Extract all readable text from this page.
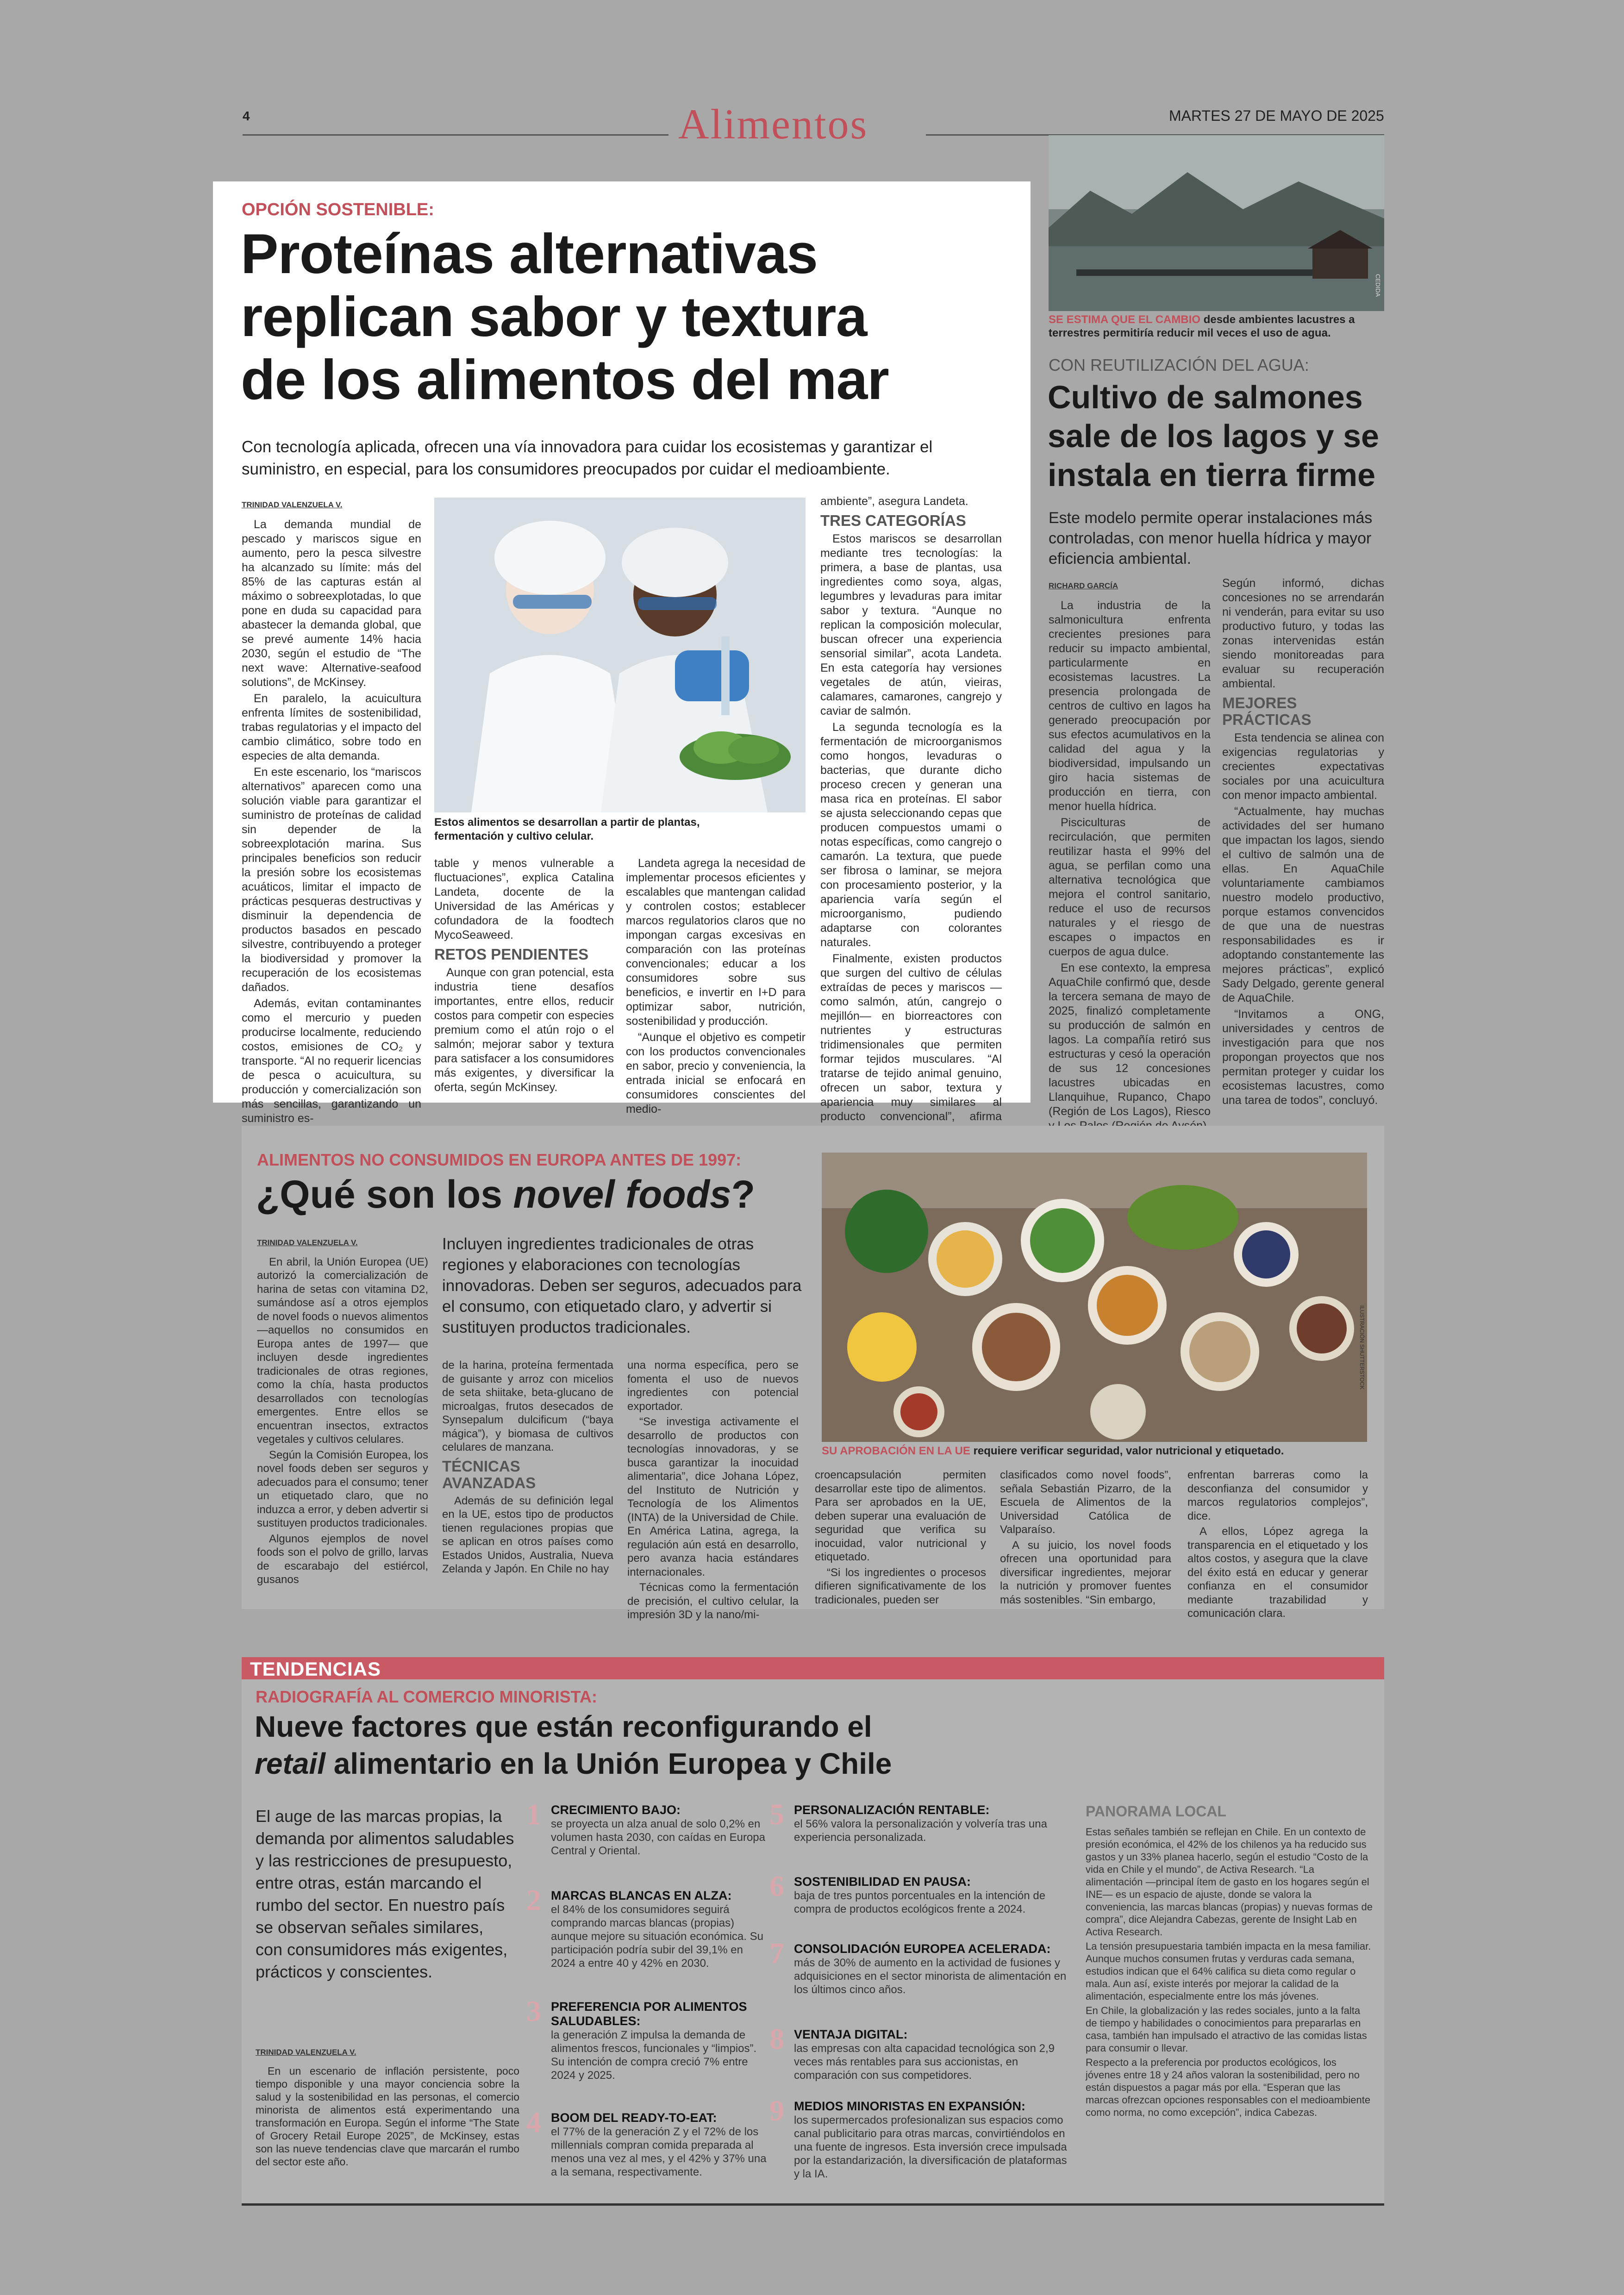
4	Alimentos	MARTES 27 DE MAYO DE 2025
OPCIÓN SOSTENIBLE:
Proteínas alternativas
replican sabor y textura
de los alimentos del mar
Con tecnología aplicada, ofrecen una vía innovadora para cuidar los ecosistemas y garantizar el suministro, en especial, para los consumidores preocupados por cuidar el medioambiente.
TRINIDAD VALENZUELA V.

La demanda mundial de pescado y mariscos sigue en aumento, pero la pesca silvestre ha alcanzado su límite: más del 85% de las capturas están al máximo o sobreexplotadas, lo que pone en duda su capacidad para abastecer la demanda global, que se prevé aumente 14% hacia 2030, según el estudio de “The next wave: Alternative-seafood solutions”, de McKinsey.

En paralelo, la acuicultura enfrenta límites de sostenibilidad, trabas regulatorias y el impacto del cambio climático, sobre todo en especies de alta demanda.

En este escenario, los “mariscos alternativos” aparecen como una solución viable para garantizar el suministro de proteínas de calidad sin depender de la sobreexplotación marina. Sus principales beneficios son reducir la presión sobre los ecosistemas acuáticos, limitar el impacto de prácticas pesqueras destructivas y disminuir la dependencia de productos basados en pescado silvestre, contribuyendo a proteger la biodiversidad y promover la recuperación de los ecosistemas dañados.

Además, evitan contaminantes como el mercurio y pueden producirse localmente, reduciendo costos, emisiones de CO₂ y transporte. “Al no requerir licencias de pesca o acuicultura, su producción y comercialización son más sencillas, garantizando un suministro es-

Estos alimentos se desarrollan a partir de plantas, fermentación y cultivo celular.

table y menos vulnerable a fluctuaciones”, explica Catalina Landeta, docente de la Universidad de las Américas y cofundadora de la foodtech MycoSeaweed.

RETOS PENDIENTES

Aunque con gran potencial, esta industria tiene desafíos importantes, entre ellos, reducir costos para competir con especies premium como el atún rojo o el salmón; mejorar sabor y textura para satisfacer a los consumidores más exigentes, y diversificar la oferta, según McKinsey.

Landeta agrega la necesidad de implementar procesos eficientes y escalables que mantengan calidad y controlen costos; establecer marcos regulatorios claros que no impongan cargas excesivas en comparación con las proteínas convencionales; educar a los consumidores sobre sus beneficios, e invertir en I+D para optimizar sabor, nutrición, sostenibilidad y producción.

“Aunque el objetivo es competir con los productos convencionales en sabor, precio y conveniencia, la entrada inicial se enfocará en consumidores conscientes del medio-

ambiente”, asegura Landeta.

TRES CATEGORÍAS

Estos mariscos se desarrollan mediante tres tecnologías: la primera, a base de plantas, usa ingredientes como soya, algas, legumbres y levaduras para imitar sabor y textura. “Aunque no replican la composición molecular, buscan ofrecer una experiencia sensorial similar”, acota Landeta. En esta categoría hay versiones vegetales de atún, vieiras, calamares, camarones, cangrejo y caviar de salmón.

La segunda tecnología es la fermentación de microorganismos como hongos, levaduras o bacterias, que durante dicho proceso crecen y generan una masa rica en proteínas. El sabor se ajusta seleccionando cepas que producen compuestos umami o notas específicas, como cangrejo o camarón. La textura, que puede ser fibrosa o laminar, se mejora con procesamiento posterior, y la apariencia varía según el microorganismo, pudiendo adaptarse con colorantes naturales.

Finalmente, existen productos que surgen del cultivo de células extraídas de peces y mariscos —como salmón, atún, cangrejo o mejillón— en biorreactores con nutrientes y estructuras tridimensionales que permiten formar tejidos musculares. “Al tratarse de tejido animal genuino, ofrecen un sabor, textura y apariencia muy similares al producto convencional”, afirma

CEDIDA
SE ESTIMA QUE EL CAMBIO desde ambientes lacustres a terrestres permitiría reducir mil veces el uso de agua.
CON REUTILIZACIÓN DEL AGUA:
Cultivo de salmones
sale de los lagos y se
instala en tierra firme
Este modelo permite operar instalaciones más controladas, con menor huella hídrica y mayor eficiencia ambiental.
RICHARD GARCÍA

La industria de la salmonicultura enfrenta crecientes presiones para reducir su impacto ambiental, particularmente en ecosistemas lacustres. La presencia prolongada de centros de cultivo en lagos ha generado preocupación por sus efectos acumulativos en la calidad del agua y la biodiversidad, impulsando un giro hacia sistemas de producción en tierra, con menor huella hídrica.

Pisciculturas de recirculación, que permiten reutilizar hasta el 99% del agua, se perfilan como una alternativa tecnológica que mejora el control sanitario, reduce el uso de recursos naturales y el riesgo de escapes o impactos en cuerpos de agua dulce.

En ese contexto, la empresa AquaChile confirmó que, desde la tercera semana de mayo de 2025, finalizó completamente su producción de salmón en lagos. La compañía retiró sus estructuras y cesó la operación de sus 12 concesiones lacustres ubicadas en Llanquihue, Rupanco, Chapo (Región de Los Lagos), Riesco

Según informó, dichas concesiones no se arrendarán ni venderán, para evitar su uso productivo futuro, y todas las zonas intervenidas están siendo monitoreadas para evaluar su recuperación ambiental.

MEJORES
PRÁCTICAS

Esta tendencia se alinea con exigencias regulatorias y crecientes expectativas sociales por una acuicultura con menor impacto ambiental.

“Actualmente, hay muchas actividades del ser humano que impactan los lagos, siendo el cultivo de salmón una de ellas. En AquaChile voluntariamente cambiamos nuestro modelo productivo, porque estamos convencidos de que una de nuestras responsabilidades es ir adoptando constantemente las mejores prácticas”, explicó Sady Delgado, gerente general de AquaChile.

“Invitamos a ONG, universidades y centros de investigación para que nos propongan proyectos que nos permitan proteger y cuidar los ecosistemas lacustres, como una tarea de todos”, concluyó.

ALIMENTOS NO CONSUMIDOS EN EUROPA ANTES DE 1997:
¿Qué son los novel foods?
TRINIDAD VALENZUELA V.

En abril, la Unión Europea (UE) autorizó la comercialización de harina de setas con vitamina D2, sumándose así a otros ejemplos de novel foods o nuevos alimentos —aquellos no consumidos en Europa antes de 1997— que incluyen desde ingredientes tradicionales de otras regiones, como la chía, hasta productos desarrollados con tecnologías emergentes. Entre ellos se encuentran insectos, extractos vegetales y cultivos celulares.

Según la Comisión Europea, los novel foods deben ser seguros y adecuados para el consumo; tener un etiquetado claro, que no induzca a error, y deben advertir si sustituyen productos tradicionales.

Algunos ejemplos de novel foods son el polvo de grillo, larvas de escarabajo del estiércol, gusanos

Incluyen ingredientes tradicionales de otras regiones y elaboraciones con tecnologías innovadoras. Deben ser seguros, adecuados para el consumo, con etiquetado claro, y advertir si sustituyen productos tradicionales.

de la harina, proteína fermentada de guisante y arroz con micelios de seta shiitake, beta-glucano de microalgas, frutos desecados de Synsepalum dulcificum (“baya mágica”), y biomasa de cultivos celulares de manzana.

TÉCNICAS
AVANZADAS

Además de su definición legal en la UE, estos tipo de productos tienen regulaciones propias que se aplican en otros países como Estados Unidos, Australia, Nueva Zelanda y Japón. En Chile no hay

una norma específica, pero se fomenta el uso de nuevos ingredientes con potencial exportador.

“Se investiga activamente el desarrollo de productos con tecnologías innovadoras, y se busca garantizar la inocuidad alimentaria”, dice Johana López, del Instituto de Nutrición y Tecnología de los Alimentos (INTA) de la Universidad de Chile. En América Latina, agrega, la regulación aún está en desarrollo, pero avanza hacia estándares internacionales.

Técnicas como la fermentación de precisión, el cultivo celular, la impresión 3D y la nano/mi-

ILUSTRACIÓN SHUTTERSTOCK
SU APROBACIÓN EN LA UE requiere verificar seguridad, valor nutricional y etiquetado.

croencapsulación permiten desarrollar este tipo de alimentos. Para ser aprobados en la UE, deben superar una evaluación de seguridad que verifica su inocuidad, valor nutricional y etiquetado.

“Si los ingredientes o procesos difieren significativamente de los tradicionales, pueden ser

clasificados como novel foods”, señala Sebastián Pizarro, de la Escuela de Alimentos de la Universidad Católica de Valparaíso.

A su juicio, los novel foods ofrecen una oportunidad para diversificar ingredientes, mejorar la nutrición y promover fuentes más sostenibles. “Sin embargo,

enfrentan barreras como la desconfianza del consumidor y marcos regulatorios complejos”, dice.

A ellos, López agrega la transparencia en el etiquetado y los altos costos, y asegura que la clave del éxito está en educar y generar confianza en el consumidor mediante trazabilidad y comunicación clara.

TENDENCIAS
RADIOGRAFÍA AL COMERCIO MINORISTA:
Nueve factores que están reconfigurando el
retail alimentario en la Unión Europea y Chile
El auge de las marcas propias, la demanda por alimentos saludables y las restricciones de presupuesto, entre otras, están marcando el rumbo del sector. En nuestro país se observan señales similares, con consumidores más exigentes, prácticos y conscientes.
TRINIDAD VALENZUELA V.

En un escenario de inflación persistente, poco tiempo disponible y una mayor conciencia sobre la salud y la sostenibilidad en las personas, el comercio minorista de alimentos está experimentando una transformación en Europa. Según el informe “The State of Grocery Retail Europe 2025”, de McKinsey, estas son las nueve tendencias clave que marcarán el rumbo del sector este año.

1 CRECIMIENTO BAJO:
se proyecta un alza anual de solo 0,2% en volumen hasta 2030, con caídas en Europa Central y Oriental.
2 MARCAS BLANCAS EN ALZA:
el 84% de los consumidores seguirá comprando marcas blancas (propias) aunque mejore su situación económica. Su participación podría subir del 39,1% en 2024 a entre 40 y 42% en 2030.
3 PREFERENCIA POR ALIMENTOS SALUDABLES:
la generación Z impulsa la demanda de alimentos frescos, funcionales y “limpios”. Su intención de compra creció 7% entre 2024 y 2025.
4 BOOM DEL READY-TO-EAT:
el 77% de la generación Z y el 72% de los millennials compran comida preparada al menos una vez al mes, y el 42% y 37% una a la semana, respectivamente.
5 PERSONALIZACIÓN RENTABLE:
el 56% valora la personalización y volvería tras una experiencia personalizada.
6 SOSTENIBILIDAD EN PAUSA:
baja de tres puntos porcentuales en la intención de compra de productos ecológicos frente a 2024.
7 CONSOLIDACIÓN EUROPEA ACELERADA:
más de 30% de aumento en la actividad de fusiones y adquisiciones en el sector minorista de alimentación en los últimos cinco años.
8 VENTAJA DIGITAL:
las empresas con alta capacidad tecnológica son 2,9 veces más rentables para sus accionistas, en comparación con sus competidores.
9 MEDIOS MINORISTAS EN EXPANSIÓN:
los supermercados profesionalizan sus espacios como canal publicitario para otras marcas, convirtiéndolos en una fuente de ingresos. Esta inversión crece impulsada por la estandarización, la diversificación de plataformas y la IA.
PANORAMA LOCAL
Estas señales también se reflejan en Chile. En un contexto de presión económica, el 42% de los chilenos ya ha reducido sus gastos y un 33% planea hacerlo, según el estudio “Costo de la vida en Chile y el mundo”, de Activa Research. “La alimentación —principal ítem de gasto en los hogares según el INE— es un espacio de ajuste, donde se valora la conveniencia, las marcas blancas (propias) y nuevas formas de compra”, dice Alejandra Cabezas, gerente de Insight Lab en Activa Research.
La tensión presupuestaria también impacta en la mesa familiar. Aunque muchos consumen frutas y verduras cada semana, estudios indican que el 64% califica su dieta como regular o mala. Aun así, existe interés por mejorar la calidad de la alimentación, especialmente entre los más jóvenes.
En Chile, la globalización y las redes sociales, junto a la falta de tiempo y habilidades o conocimientos para prepararlas en casa, también han impulsado el atractivo de las comidas listas para consumir o llevar.
Respecto a la preferencia por productos ecológicos, los jóvenes entre 18 y 24 años valoran la sostenibilidad, pero no están dispuestos a pagar más por ella. “Esperan que las marcas ofrezcan opciones responsables con el medioambiente como norma, no como excepción”, indica Cabezas.
